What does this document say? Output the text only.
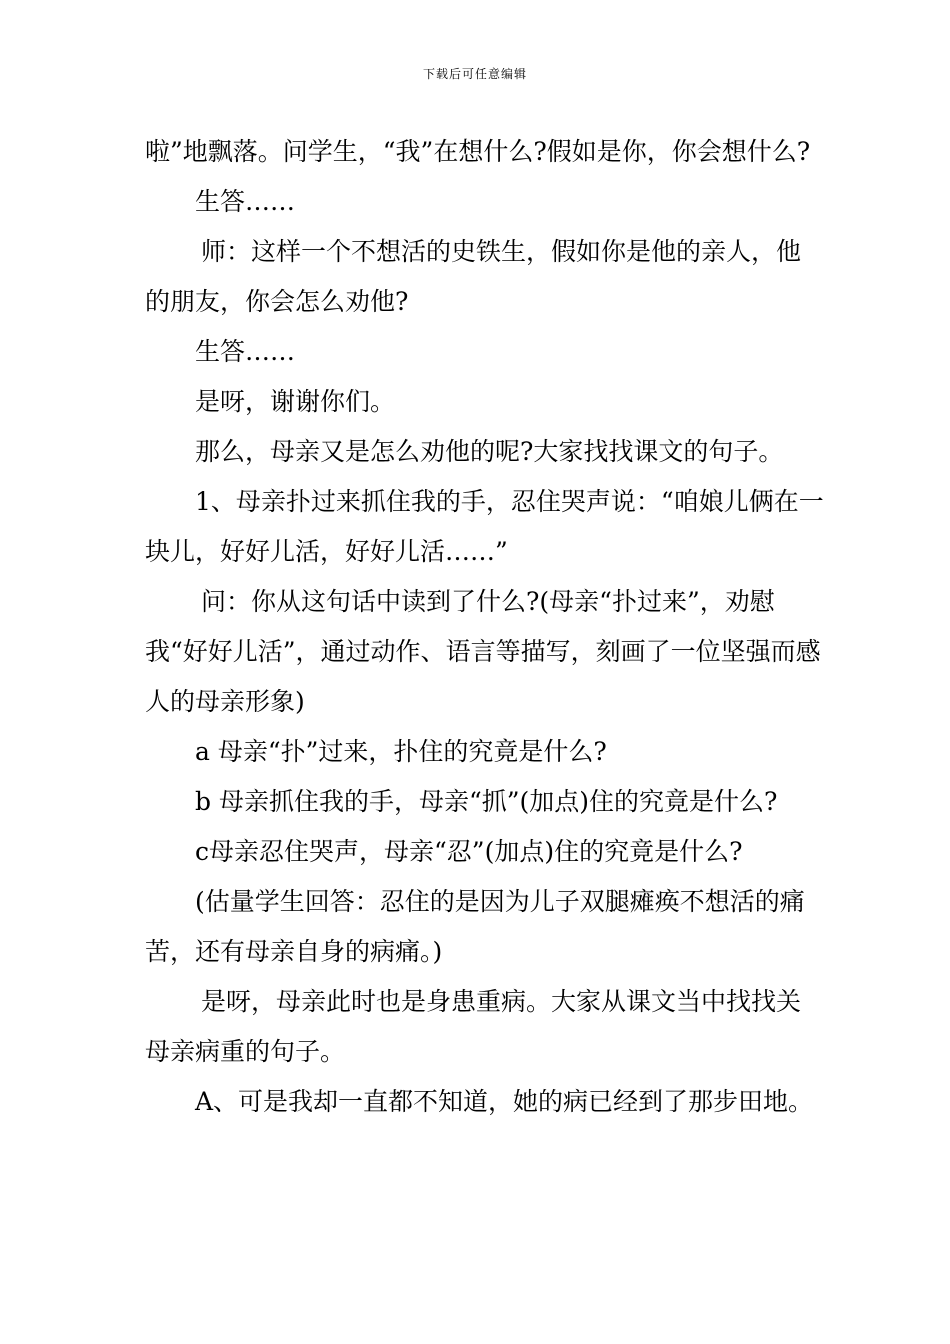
下载后可任意编辑

啦”地飘落。问学生，“我”在想什么?假如是你，你会想什么?

生答……

师：这样一个不想活的史铁生，假如你是他的亲人，他的朋友，你会怎么劝他?

生答……

是呀，谢谢你们。

那么，母亲又是怎么劝他的呢?大家找找课文的句子。

1、母亲扑过来抓住我的手，忍住哭声说：“咱娘儿俩在一块儿，好好儿活，好好儿活……”

问：你从这句话中读到了什么?(母亲“扑过来”，劝慰我“好好儿活”，通过动作、语言等描写，刻画了一位坚强而感人的母亲形象)

a 母亲“扑”过来，扑住的究竟是什么?

b 母亲抓住我的手，母亲“抓”(加点)住的究竟是什么?

c母亲忍住哭声，母亲“忍”(加点)住的究竟是什么?

(估量学生回答：忍住的是因为儿子双腿瘫痪不想活的痛苦，还有母亲自身的病痛。)

是呀，母亲此时也是身患重病。大家从课文当中找找关母亲病重的句子。

A、可是我却一直都不知道，她的病已经到了那步田地。
